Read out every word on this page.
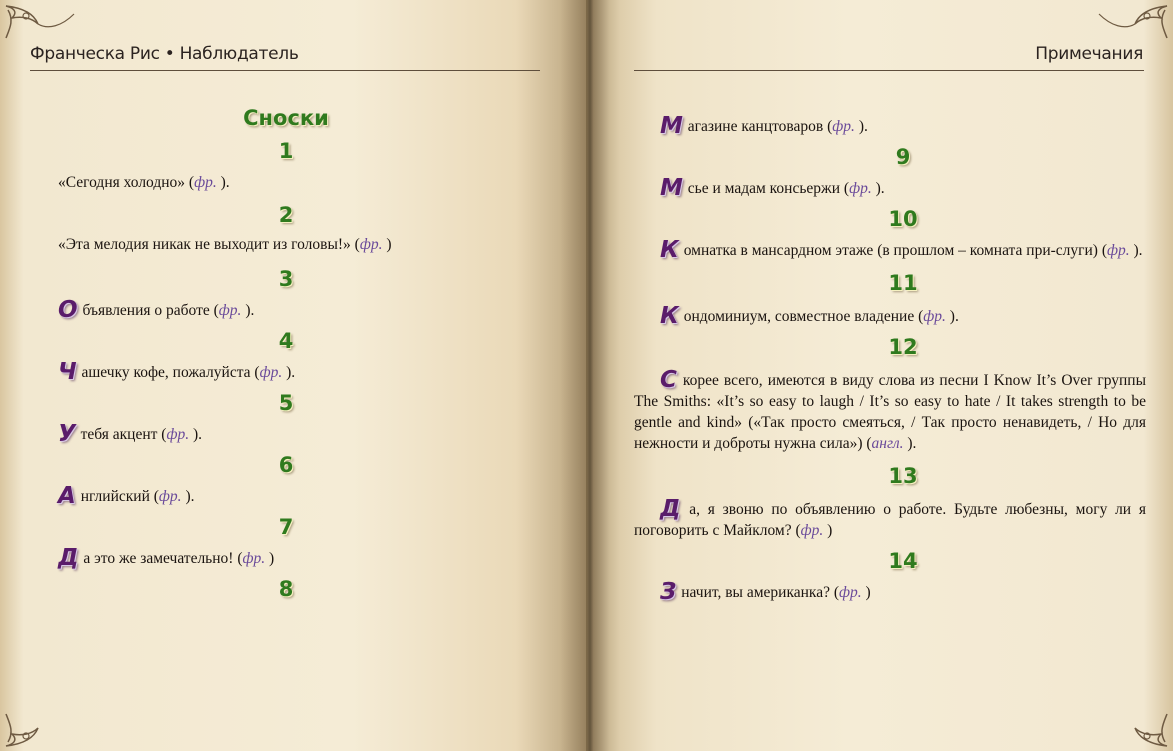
Франческа Рис • Наблюдатель
Сноски
1

«Сегодня холодно» (фр. ).

2

«Эта мелодия никак не выходит из головы!» (фр. )

3

О бъявления о работе (фр. ).

4

Ч ашечку кофе, пожалуйста (фр. ).

5

У тебя акцент (фр. ).

6

А нглийский (фр. ).

7

Д а это же замечательно! (фр. )

8
Примечания

М агазине канцтоваров (фр. ).

9

М сье и мадам консьержи (фр. ).

10

К омнатка в мансардном этаже (в прошлом – комната при-слуги) (фр. ).

11

К ондоминиум, совместное владение (фр. ).

12

С корее всего, имеются в виду слова из песни I Know It’s Over группы The Smiths: «It’s so easy to laugh / It’s so easy to hate / It takes strength to be gentle and kind» («Так просто смеяться, / Так просто ненавидеть, / Но для нежности и доброты нужна сила») (англ. ).

13

Д а, я звоню по объявлению о работе. Будьте любезны, могу ли я поговорить с Майклом? (фр. )

14

З начит, вы американка? (фр. )
